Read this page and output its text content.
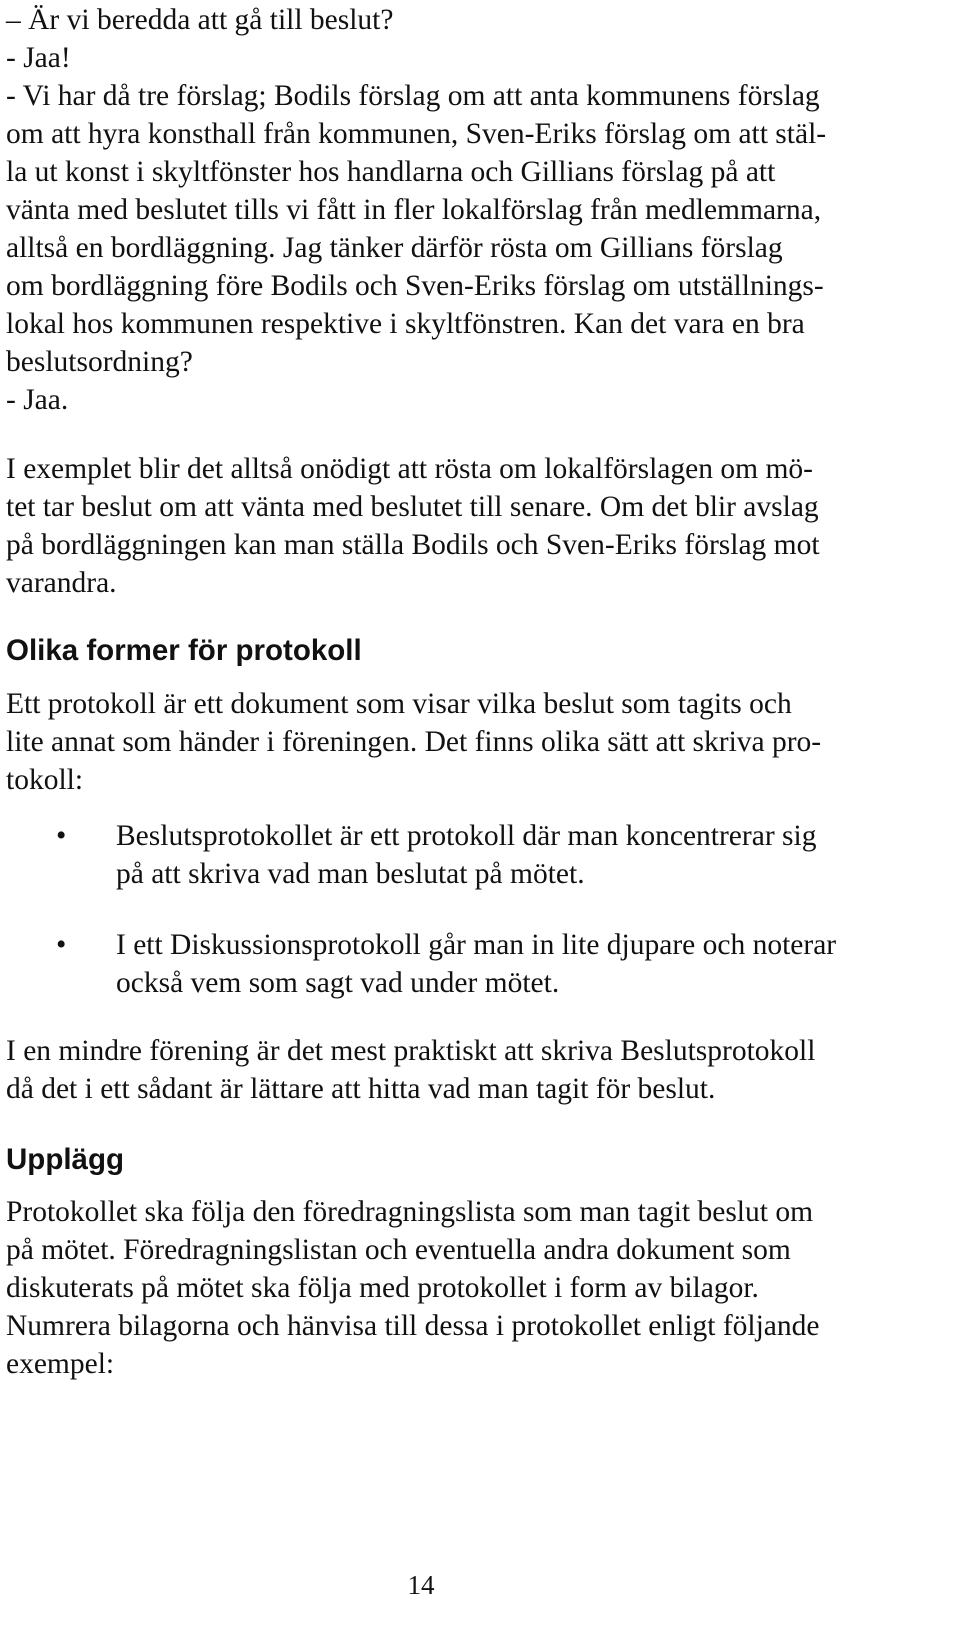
– Är vi beredda att gå till beslut?

- Jaa!

- Vi har då tre förslag; Bodils förslag om att anta kommunens förslag

om att hyra konsthall från kommunen, Sven-Eriks förslag om att stäl-

la ut konst i skyltfönster hos handlarna och Gillians förslag på att

vänta med beslutet tills vi fått in fler lokalförslag från medlemmarna,

alltså en bordläggning. Jag tänker därför rösta om Gillians förslag

om bordläggning före Bodils och Sven-Eriks förslag om utställnings-

lokal hos kommunen respektive i skyltfönstren. Kan det vara en bra

beslutsordning?

- Jaa.

I exemplet blir det alltså onödigt att rösta om lokalförslagen om mö-

tet tar beslut om att vänta med beslutet till senare. Om det blir avslag

på bordläggningen kan man ställa Bodils och Sven-Eriks förslag mot

varandra.

Olika former för protokoll

Ett protokoll är ett dokument som visar vilka beslut som tagits och

lite annat som händer i föreningen. Det finns olika sätt att skriva pro-

tokoll:

• Beslutsprotokollet är ett protokoll där man koncentrerar sig
på att skriva vad man beslutat på mötet.
• I ett Diskussionsprotokoll går man in lite djupare och noterar
också vem som sagt vad under mötet.

I en mindre förening är det mest praktiskt att skriva Beslutsprotokoll

då det i ett sådant är lättare att hitta vad man tagit för beslut.

Upplägg

Protokollet ska följa den föredragningslista som man tagit beslut om

på mötet. Föredragningslistan och eventuella andra dokument som

diskuterats på mötet ska följa med protokollet i form av bilagor.

Numrera bilagorna och hänvisa till dessa i protokollet enligt följande

exempel:

14
